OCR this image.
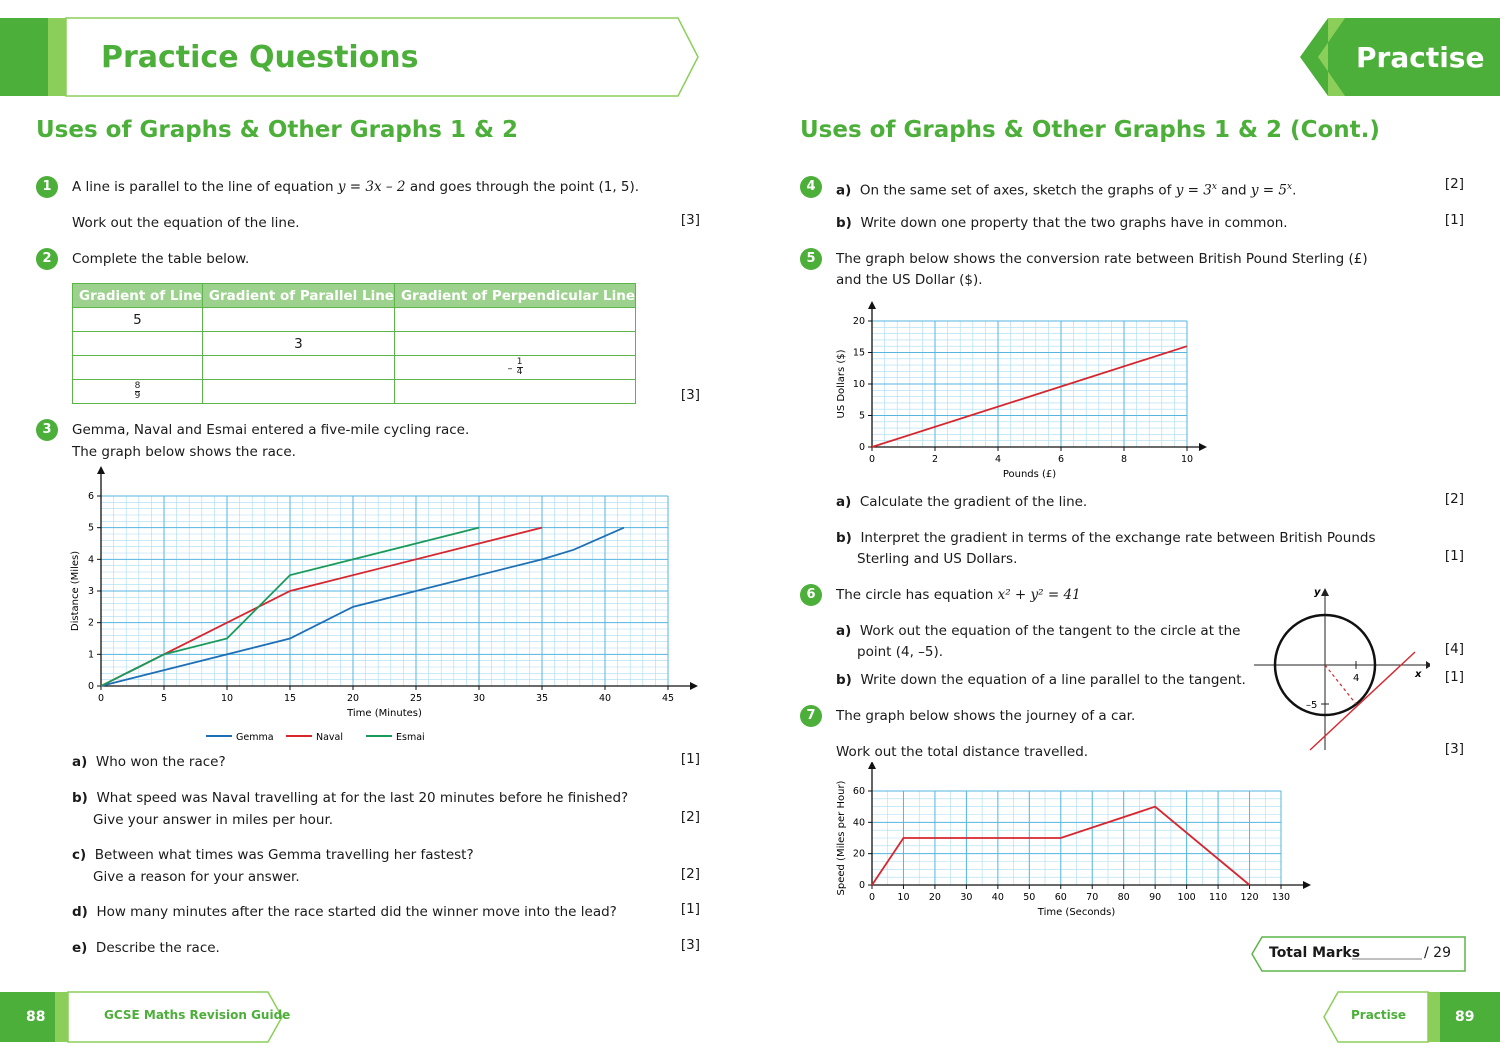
Practice Questions	Practise
Uses of Graphs & Other Graphs 1 & 2
1	A line is parallel to the line of equation y = 3x – 2 and goes through the point (1, 5).
Work out the equation of the line.	[3]
2	Complete the table below.
Gradient of Line	Gradient of Parallel Line	Gradient of Perpendicular Line
5		
	3	
		– $\frac{1}{4}$

$\frac{8}{9}$
			[3]
3	Gemma, Naval and Esmai entered a five-mile cycling race.
The graph below shows the race.
0	5	10	15	20	25	30	35	40	45
0
1
2
3
4
5
6
Time (Minutes)
Distance (Miles)
Gemma	Naval	Esmai
a) Who won the race?	[1]
b) What speed was Naval travelling at for the last 20 minutes before he finished?
Give your answer in miles per hour.	[2]
c) Between what times was Gemma travelling her fastest?
Give a reason for your answer.	[2]
d) How many minutes after the race started did the winner move into the lead?	[1]
e) Describe the race.	[3]
Uses of Graphs & Other Graphs 1 & 2 (Cont.)
4	a) On the same set of axes, sketch the graphs of $y = 3^x$ and $y = 5^x$.	[2]
b) Write down one property that the two graphs have in common.	[1]
5	The graph below shows the conversion rate between British Pound Sterling (£)
and the US Dollar ($).
0	2	4	6	8	10
0
5
10
15
20
Pounds (£)
US Dollars ($)
a) Calculate the gradient of the line.	[2]
b) Interpret the gradient in terms of the exchange rate between British Pounds
Sterling and US Dollars.	[1]
6	The circle has equation x² + y² = 41
a) Work out the equation of the tangent to the circle at the
point (4, –5).	[4]
b) Write down the equation of a line parallel to the tangent.	[1]
4
–5
x
y
7	The graph below shows the journey of a car.
Work out the total distance travelled.	[3]
0 10 20 30 40 50 60 70 80 90 100 110 120 130
0
20
40
60
Time (Seconds)
Speed (Miles per Hour)
Total Marks	/ 29
88	GCSE Maths Revision Guide	Practise	89
